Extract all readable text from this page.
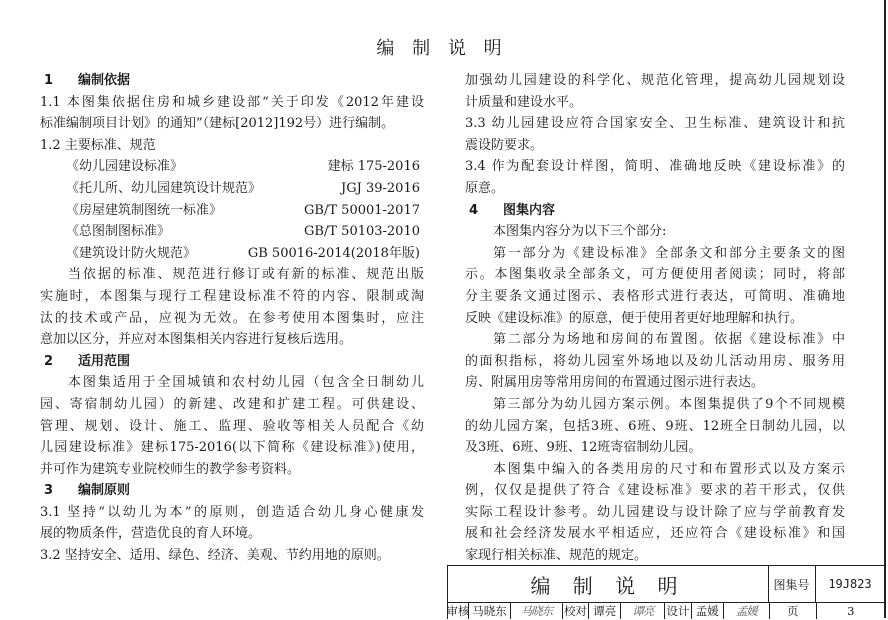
编 制 说 明
1 编制依据
1.1 本图集依据住房和城乡建设部“关于印发《2012年建设
标准编制项目计划》的通知”（建标[2012]192号）进行编制。
1.2 主要标准、规范
《幼儿园建设标准》	建标 175-2016
《托儿所、幼儿园建筑设计规范》	JGJ 39-2016
《房屋建筑制图统一标准》	GB/T 50001-2017
《总图制图标准》	GB/T 50103-2010
《建筑设计防火规范》	GB 50016-2014(2018年版)
当依据的标准、规范进行修订或有新的标准、规范出版
实施时，本图集与现行工程建设标准不符的内容、限制或淘
汰的技术或产品，应视为无效。在参考使用本图集时，应注
意加以区分，并应对本图集相关内容进行复核后选用。
2 适用范围
本图集适用于全国城镇和农村幼儿园（包含全日制幼儿
园、寄宿制幼儿园）的新建、改建和扩建工程。可供建设、
管理、规划、设计、施工、监理、验收等相关人员配合《幼
儿园建设标准》建标175-2016(以下简称《建设标准》)使用，
并可作为建筑专业院校师生的教学参考资料。
3 编制原则
3.1 坚持“以幼儿为本”的原则，创造适合幼儿身心健康发
展的物质条件，营造优良的育人环境。
3.2 坚持安全、适用、绿色、经济、美观、节约用地的原则。
加强幼儿园建设的科学化、规范化管理，提高幼儿园规划设
计质量和建设水平。
3.3 幼儿园建设应符合国家安全、卫生标准、建筑设计和抗
震设防要求。
3.4 作为配套设计样图，简明、准确地反映《建设标准》的
原意。
4 图集内容
本图集内容分为以下三个部分:
第一部分为《建设标准》全部条文和部分主要条文的图
示。本图集收录全部条文，可方便使用者阅读；同时，将部
分主要条文通过图示、表格形式进行表达，可简明、准确地
反映《建设标准》的原意，便于使用者更好地理解和执行。
第二部分为场地和房间的布置图。依据《建设标准》中
的面积指标，将幼儿园室外场地以及幼儿活动用房、服务用
房、附属用房等常用房间的布置通过图示进行表达。
第三部分为幼儿园方案示例。本图集提供了9个不同规模
的幼儿园方案，包括3班、6班、9班、12班全日制幼儿园，以
及3班、6班、9班、12班寄宿制幼儿园。
本图集中编入的各类用房的尺寸和布置形式以及方案示
例，仅仅是提供了符合《建设标准》要求的若干形式，仅供
实际工程设计参考。幼儿园建设与设计除了应与学前教育发
展和社会经济发展水平相适应，还应符合《建设标准》和国
家现行相关标准、规范的规定。
编 制 说 明	图集号	19J823
审核 马晓东	马晓东	校对 谭亮	谭亮	设计 孟媛	孟媛	页	3
